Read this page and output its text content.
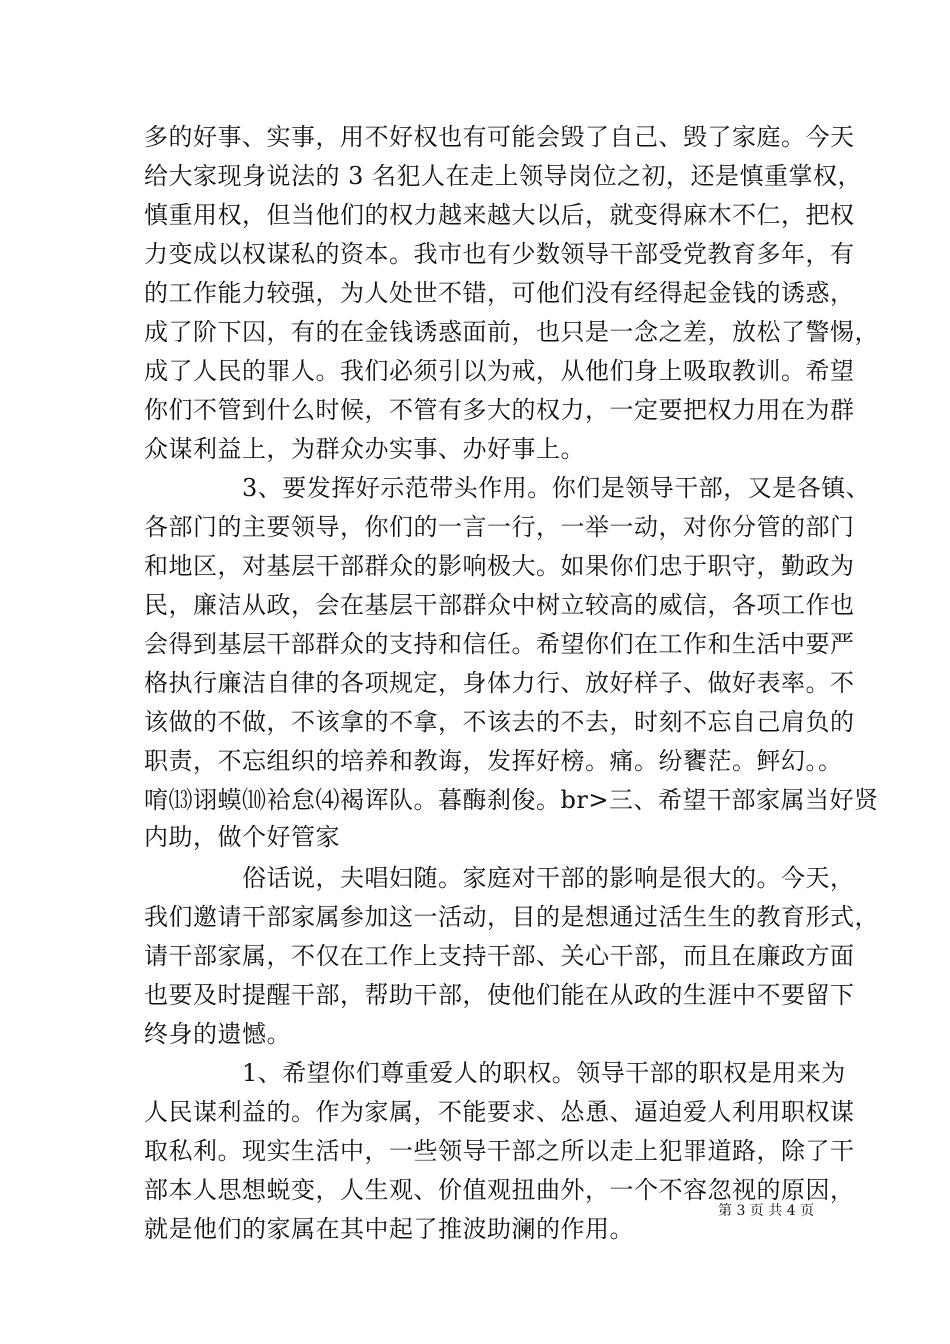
多的好事、实事，用不好权也有可能会毁了自己、毁了家庭。今天
给大家现身说法的 3 名犯人在走上领导岗位之初，还是慎重掌权，
慎重用权，但当他们的权力越来越大以后，就变得麻木不仁，把权
力变成以权谋私的资本。我市也有少数领导干部受党教育多年，有
的工作能力较强，为人处世不错，可他们没有经得起金钱的诱惑，
成了阶下囚，有的在金钱诱惑面前，也只是一念之差，放松了警惕，
成了人民的罪人。我们必须引以为戒，从他们身上吸取教训。希望
你们不管到什么时候，不管有多大的权力，一定要把权力用在为群
众谋利益上，为群众办实事、办好事上。
3、要发挥好示范带头作用。你们是领导干部，又是各镇、
各部门的主要领导，你们的一言一行，一举一动，对你分管的部门
和地区，对基层干部群众的影响极大。如果你们忠于职守，勤政为
民，廉洁从政，会在基层干部群众中树立较高的威信，各项工作也
会得到基层干部群众的支持和信任。希望你们在工作和生活中要严
格执行廉洁自律的各项规定，身体力行、放好样子、做好表率。不
该做的不做，不该拿的不拿，不该去的不去，时刻不忘自己肩负的
职责，不忘组织的培养和教诲，发挥好榜。痛。纷饔茫。鲆幻。。
唷⒀诩蟆⑽袷怠⑷褐诨队。暮酶刹俊。br>三、希望干部家属当好贤
内助，做个好管家
俗话说，夫唱妇随。家庭对干部的影响是很大的。今天，
我们邀请干部家属参加这一活动，目的是想通过活生生的教育形式，
请干部家属，不仅在工作上支持干部、关心干部，而且在廉政方面
也要及时提醒干部，帮助干部，使他们能在从政的生涯中不要留下
终身的遗憾。
1、希望你们尊重爱人的职权。领导干部的职权是用来为
人民谋利益的。作为家属，不能要求、怂恿、逼迫爱人利用职权谋
取私利。现实生活中，一些领导干部之所以走上犯罪道路，除了干
部本人思想蜕变，人生观、价值观扭曲外，一个不容忽视的原因，
就是他们的家属在其中起了推波助澜的作用。
第 3 页 共 4 页
